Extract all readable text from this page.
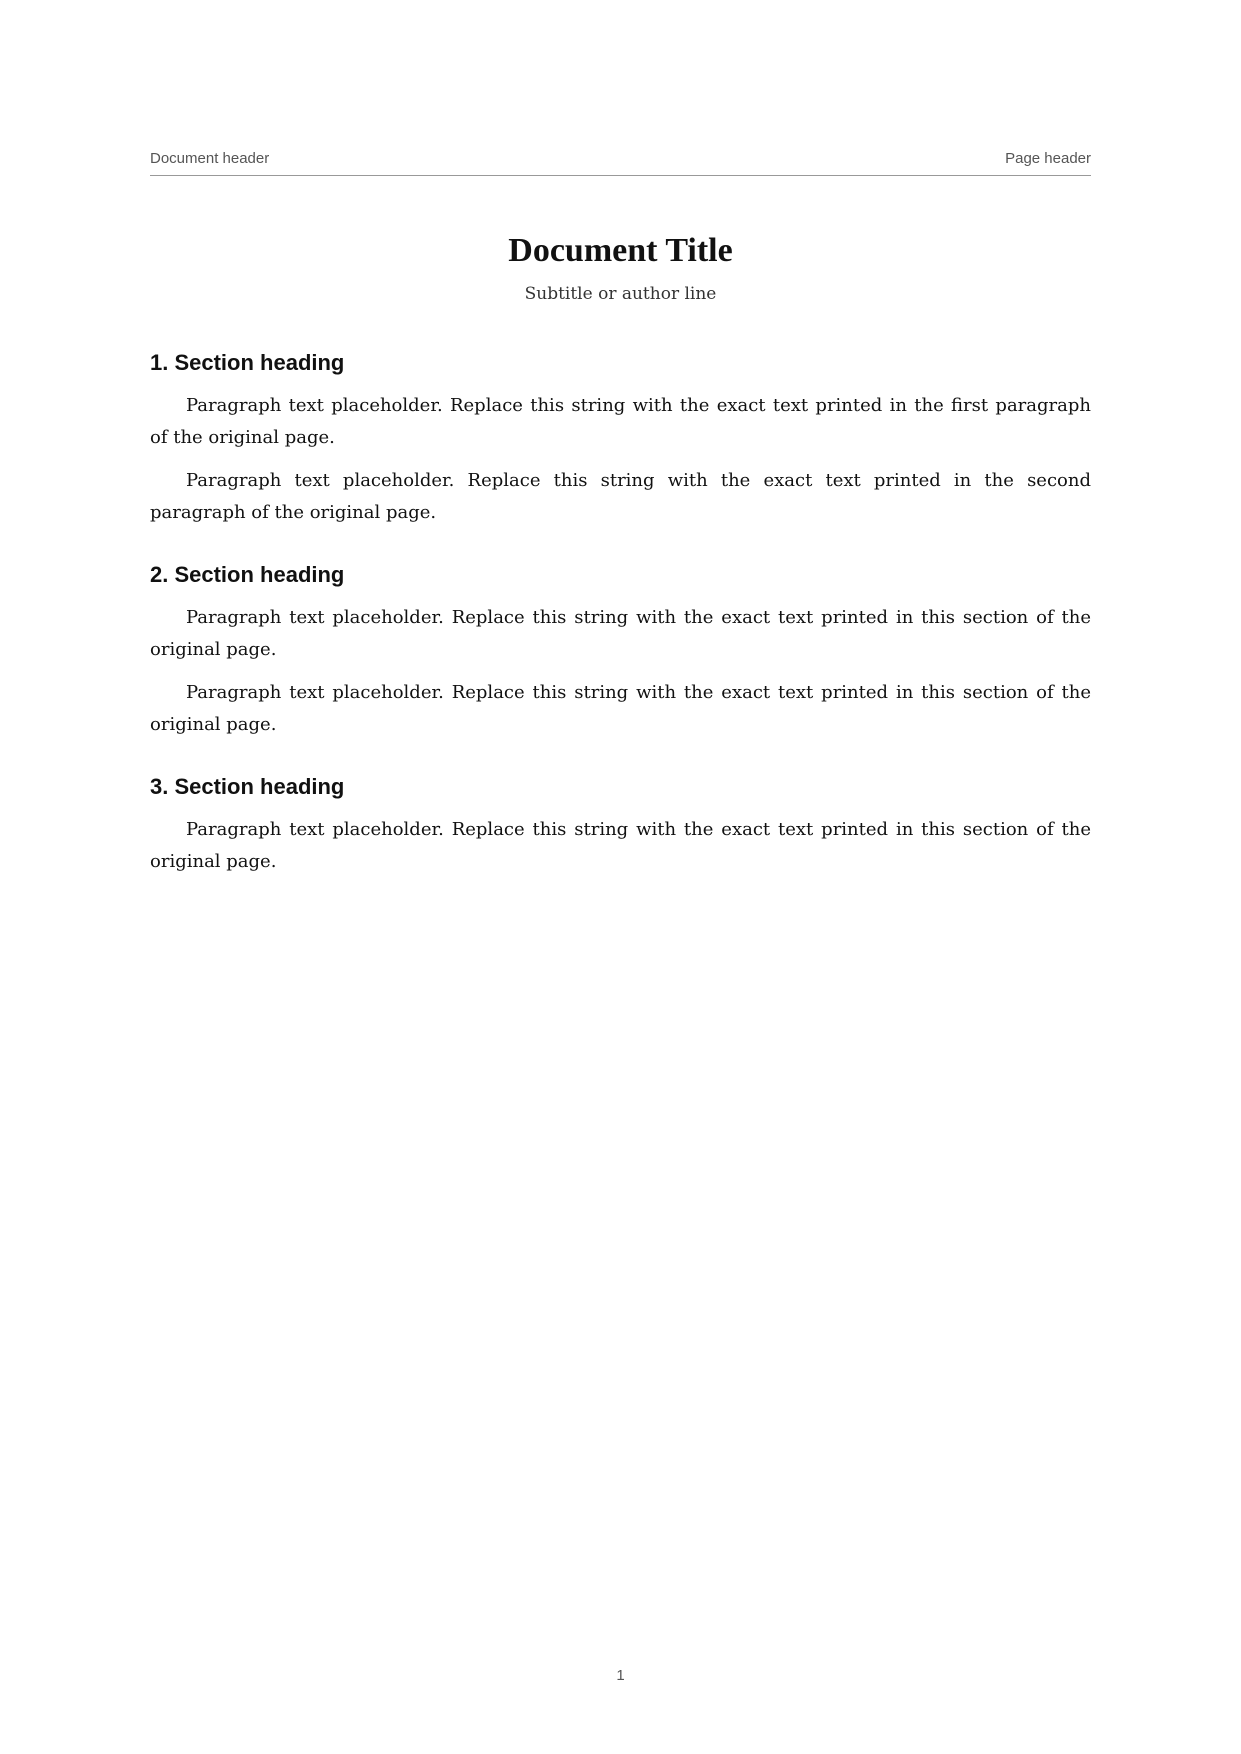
Document header	Page header
Document Title
Subtitle or author line
1. Section heading

Paragraph text placeholder. Replace this string with the exact text printed in the first paragraph of the original page.

Paragraph text placeholder. Replace this string with the exact text printed in the second paragraph of the original page.

2. Section heading

Paragraph text placeholder. Replace this string with the exact text printed in this section of the original page.

Paragraph text placeholder. Replace this string with the exact text printed in this section of the original page.

3. Section heading

Paragraph text placeholder. Replace this string with the exact text printed in this section of the original page.

1
